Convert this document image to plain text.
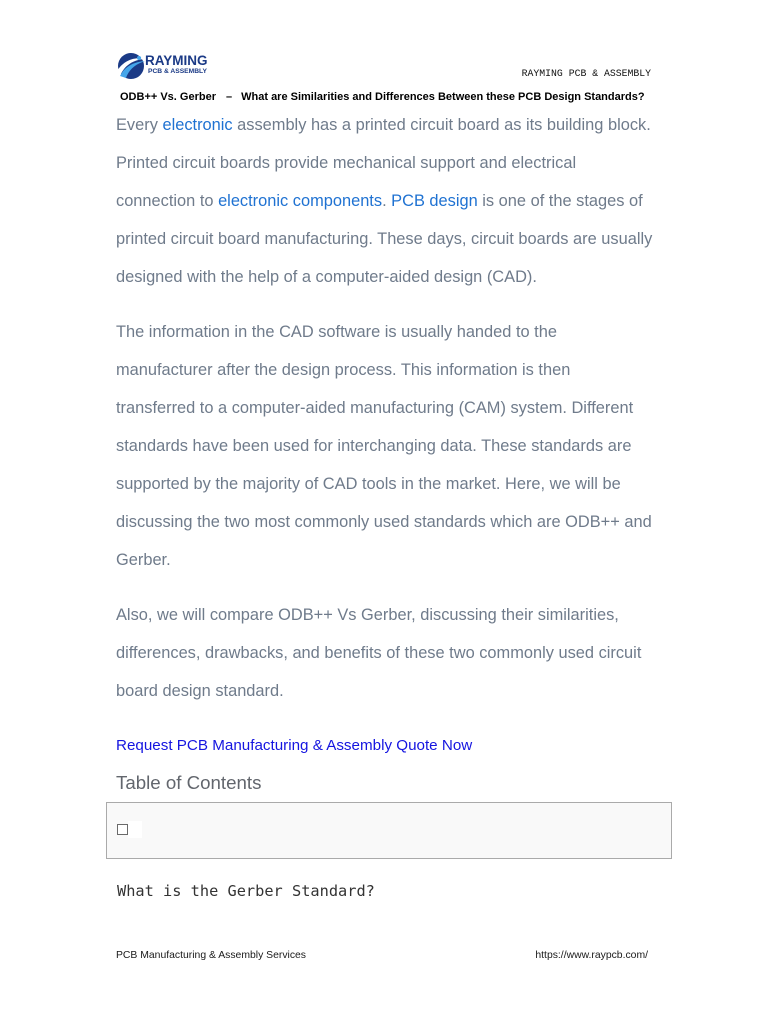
RAYMING
PCB & ASSEMBLY	RAYMING PCB & ASSEMBLY
ODB++ Vs. Gerber – What are Similarities and Differences Between these PCB Design Standards?
Every electronic assembly has a printed circuit board as its building block.
Printed circuit boards provide mechanical support and electrical
connection to electronic components. PCB design is one of the stages of
printed circuit board manufacturing. These days, circuit boards are usually
designed with the help of a computer-aided design (CAD).
The information in the CAD software is usually handed to the
manufacturer after the design process. This information is then
transferred to a computer-aided manufacturing (CAM) system. Different
standards have been used for interchanging data. These standards are
supported by the majority of CAD tools in the market. Here, we will be
discussing the two most commonly used standards which are ODB++ and
Gerber.
Also, we will compare ODB++ Vs Gerber, discussing their similarities,
differences, drawbacks, and benefits of these two commonly used circuit
board design standard.
Request PCB Manufacturing & Assembly Quote Now
Table of Contents
What is the Gerber Standard?
PCB Manufacturing & Assembly Services	https://www.raypcb.com/
